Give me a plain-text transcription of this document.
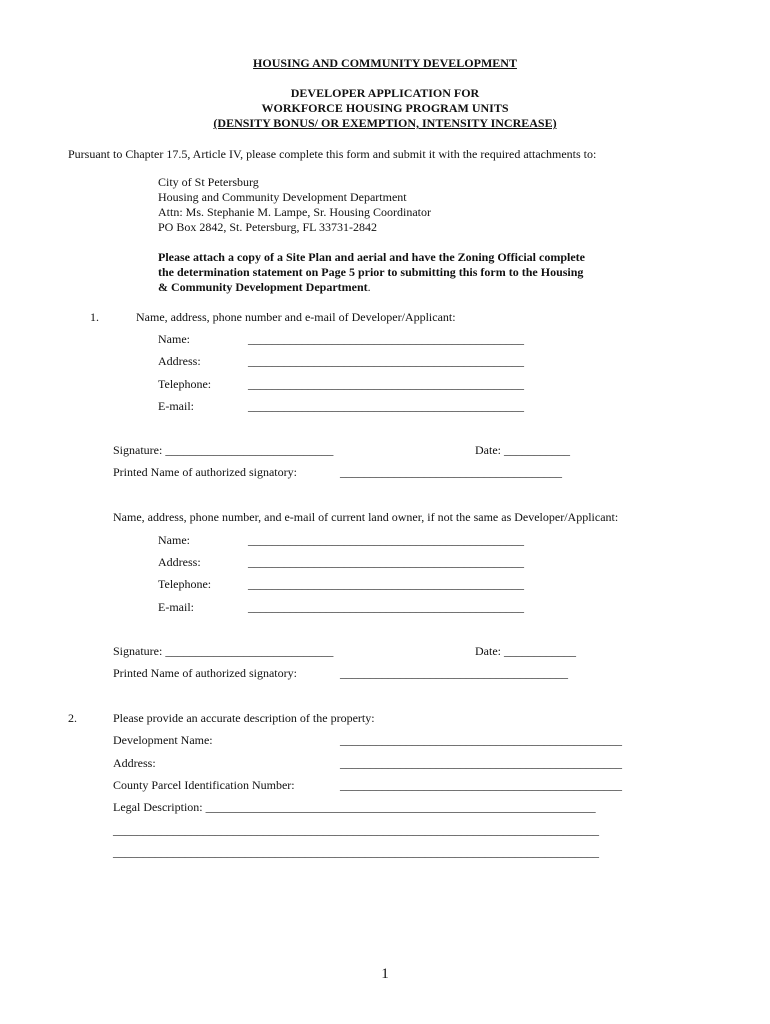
HOUSING AND COMMUNITY DEVELOPMENT
DEVELOPER APPLICATION FOR
WORKFORCE HOUSING PROGRAM UNITS
(DENSITY BONUS/ OR EXEMPTION, INTENSITY INCREASE)
Pursuant to Chapter 17.5, Article IV, please complete this form and submit it with the required attachments to:
City of St Petersburg
Housing and Community Development Department
Attn: Ms. Stephanie M. Lampe, Sr. Housing Coordinator
PO Box 2842, St. Petersburg, FL 33731-2842
Please attach a copy of a Site Plan and aerial and have the Zoning Official complete
the determination statement on Page 5 prior to submitting this form to the Housing
& Community Development Department.
1.	Name, address, phone number and e-mail of Developer/Applicant:
Name:	______________________________________________
Address:	______________________________________________
Telephone:	______________________________________________
E-mail:	______________________________________________
Signature: ____________________________	Date: ___________
Printed Name of authorized signatory:	_____________________________________
Name, address, phone number, and e-mail of current land owner, if not the same as Developer/Applicant:
Name:	______________________________________________
Address:	______________________________________________
Telephone:	______________________________________________
E-mail:	______________________________________________
Signature: ____________________________	Date: ____________
Printed Name of authorized signatory:	______________________________________
2.	Please provide an accurate description of the property:
Development Name:	_______________________________________________
Address:	_______________________________________________
County Parcel Identification Number:	_______________________________________________
Legal Description: _________________________________________________________________
_________________________________________________________________________________
_________________________________________________________________________________
1
